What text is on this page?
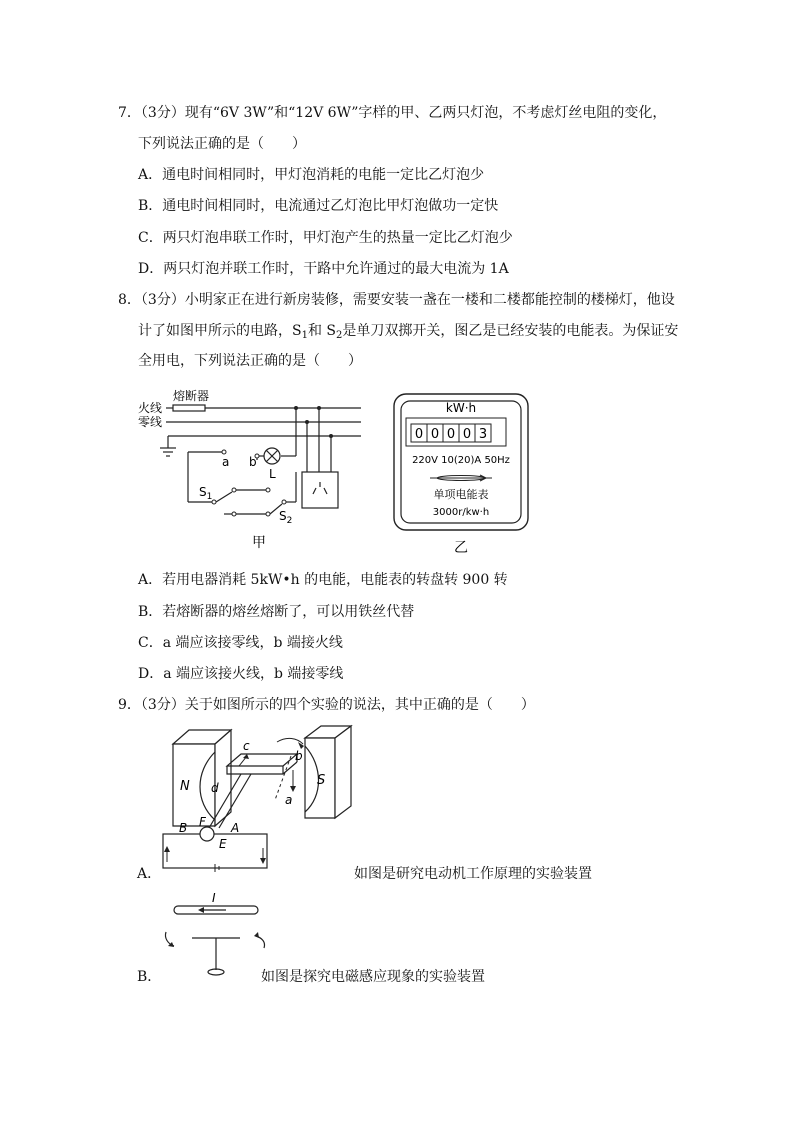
7．（3分）现有“6V 3W”和“12V 6W”字样的甲、乙两只灯泡，不考虑灯丝电阻的变化，
下列说法正确的是（　　）
A．通电时间相同时，甲灯泡消耗的电能一定比乙灯泡少
B．通电时间相同时，电流通过乙灯泡比甲灯泡做功一定快
C．两只灯泡串联工作时，甲灯泡产生的热量一定比乙灯泡少
D．两只灯泡并联工作时，干路中允许通过的最大电流为 1A
8．（3分）小明家正在进行新房装修，需要安装一盏在一楼和二楼都能控制的楼梯灯，他设
计了如图甲所示的电路，$S_1$和 $S_2$是单刀双掷开关，图乙是已经安装的电能表。为保证安
全用电，下列说法正确的是（　　）
火线
零线
熔断器
a b
L
$S_1$
$S_2$
甲
0 0 0 0 3
kW·h
220V 10(20)A 50Hz
单项电能表
3000r/kw·h
乙
A．若用电器消耗 5kW•h 的电能，电能表的转盘转 900 转
B．若熔断器的熔丝熔断了，可以用铁丝代替
C．a 端应该接零线，b 端接火线
D．a 端应该接火线，b 端接零线
9．（3分）关于如图所示的四个实验的说法，其中正确的是（　　）
N	S
a
b
c
d
B F A
E
A．	如图是研究电动机工作原理的实验装置
I
B．	如图是探究电磁感应现象的实验装置
